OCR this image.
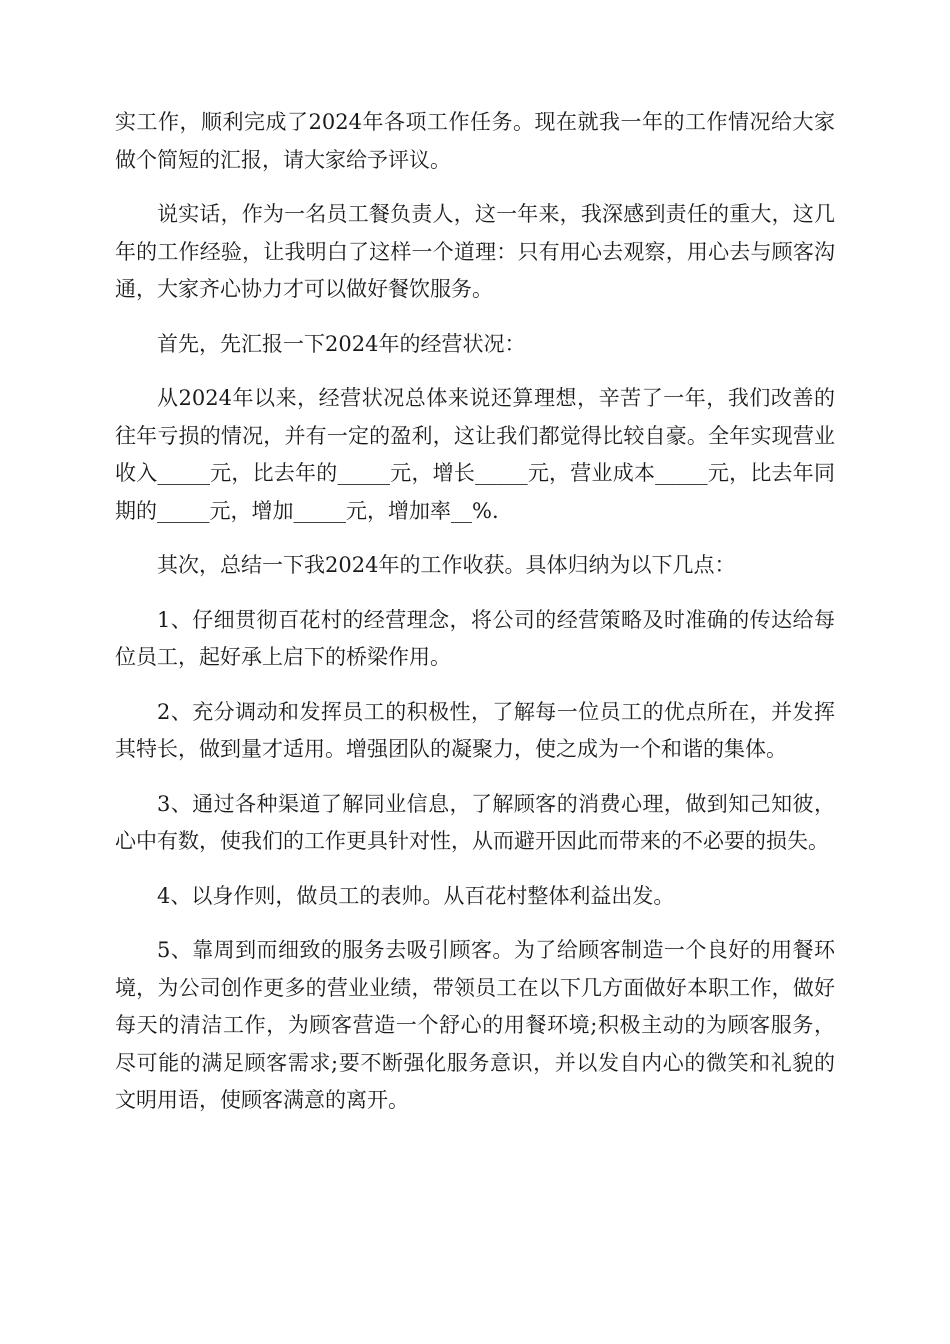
实工作，顺利完成了2024年各项工作任务。现在就我一年的工作情况给大家做个简短的汇报，请大家给予评议。

说实话，作为一名员工餐负责人，这一年来，我深感到责任的重大，这几年的工作经验，让我明白了这样一个道理：只有用心去观察，用心去与顾客沟通，大家齐心协力才可以做好餐饮服务。

首先，先汇报一下2024年的经营状况：

从2024年以来，经营状况总体来说还算理想，辛苦了一年，我们改善的往年亏损的情况，并有一定的盈利，这让我们都觉得比较自豪。全年实现营业收入_____元，比去年的_____元，增长_____元，营业成本_____元，比去年同期的_____元，增加_____元，增加率__%.

其次，总结一下我2024年的工作收获。具体归纳为以下几点：

1、仔细贯彻百花村的经营理念，将公司的经营策略及时准确的传达给每位员工，起好承上启下的桥梁作用。

2、充分调动和发挥员工的积极性，了解每一位员工的优点所在，并发挥其特长，做到量才适用。增强团队的凝聚力，使之成为一个和谐的集体。

3、通过各种渠道了解同业信息，了解顾客的消费心理，做到知己知彼，心中有数，使我们的工作更具针对性，从而避开因此而带来的不必要的损失。

4、以身作则，做员工的表帅。从百花村整体利益出发。

5、靠周到而细致的服务去吸引顾客。为了给顾客制造一个良好的用餐环境，为公司创作更多的营业业绩，带领员工在以下几方面做好本职工作，做好每天的清洁工作，为顾客营造一个舒心的用餐环境;积极主动的为顾客服务，尽可能的满足顾客需求;要不断强化服务意识，并以发自内心的微笑和礼貌的文明用语，使顾客满意的离开。
